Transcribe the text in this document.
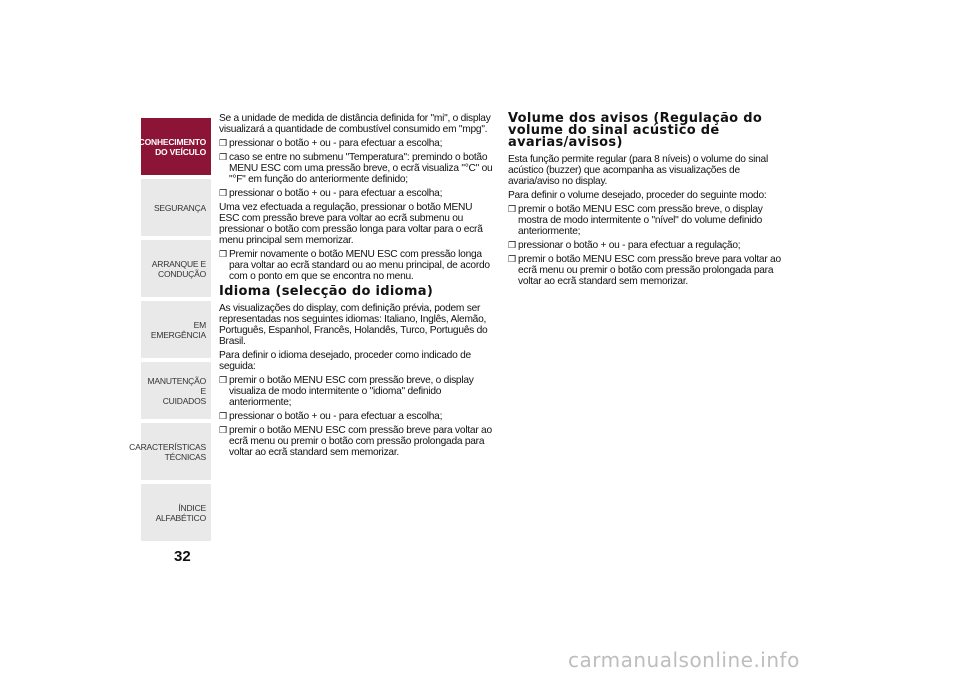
CONHECIMENTO
DO VEÍCULO
SEGURANÇA
ARRANQUE E
CONDUÇÃO
EM EMERGÊNCIA
MANUTENÇÃO E
CUIDADOS
CARACTERÍSTICAS
TÉCNICAS
ÍNDICE ALFABÉTICO
32

Se a unidade de medida de distância definida for "mi", o display visualizará a quantidade de combustível consumido em "mpg".

❒ pressionar o botão + ou - para efectuar a escolha;
❒ caso se entre no submenu "Temperatura": premindo o botão MENU ESC com uma pressão breve, o ecrã visualiza "°C" ou "°F" em função do anteriormente definido;
❒ pressionar o botão + ou - para efectuar a escolha;

Uma vez efectuada a regulação, pressionar o botão MENU ESC com pressão breve para voltar ao ecrã submenu ou pressionar o botão com pressão longa para voltar para o ecrã menu principal sem memorizar.

❒ Premir novamente o botão MENU ESC com pressão longa para voltar ao ecrã standard ou ao menu principal, de acordo com o ponto em que se encontra no menu.
Idioma (selecção do idioma)

As visualizações do display, com definição prévia, podem ser representadas nos seguintes idiomas: Italiano, Inglês, Alemão, Português, Espanhol, Francês, Holandês, Turco, Português do Brasil.

Para definir o idioma desejado, proceder como indicado de seguida:

❒ premir o botão MENU ESC com pressão breve, o display visualiza de modo intermitente o "idioma" definido anteriormente;
❒ pressionar o botão + ou - para efectuar a escolha;
❒ premir o botão MENU ESC com pressão breve para voltar ao ecrã menu ou premir o botão com pressão prolongada para voltar ao ecrã standard sem memorizar.
Volume dos avisos (Regulação do volume do sinal acústico de avarias/avisos)

Esta função permite regular (para 8 níveis) o volume do sinal acústico (buzzer) que acompanha as visualizações de avaria/aviso no display.

Para definir o volume desejado, proceder do seguinte modo:

❒ premir o botão MENU ESC com pressão breve, o display mostra de modo intermitente o "nível" do volume definido anteriormente;
❒ pressionar o botão + ou - para efectuar a regulação;
❒ premir o botão MENU ESC com pressão breve para voltar ao ecrã menu ou premir o botão com pressão prolongada para voltar ao ecrã standard sem memorizar.
carmanualsonline.info
